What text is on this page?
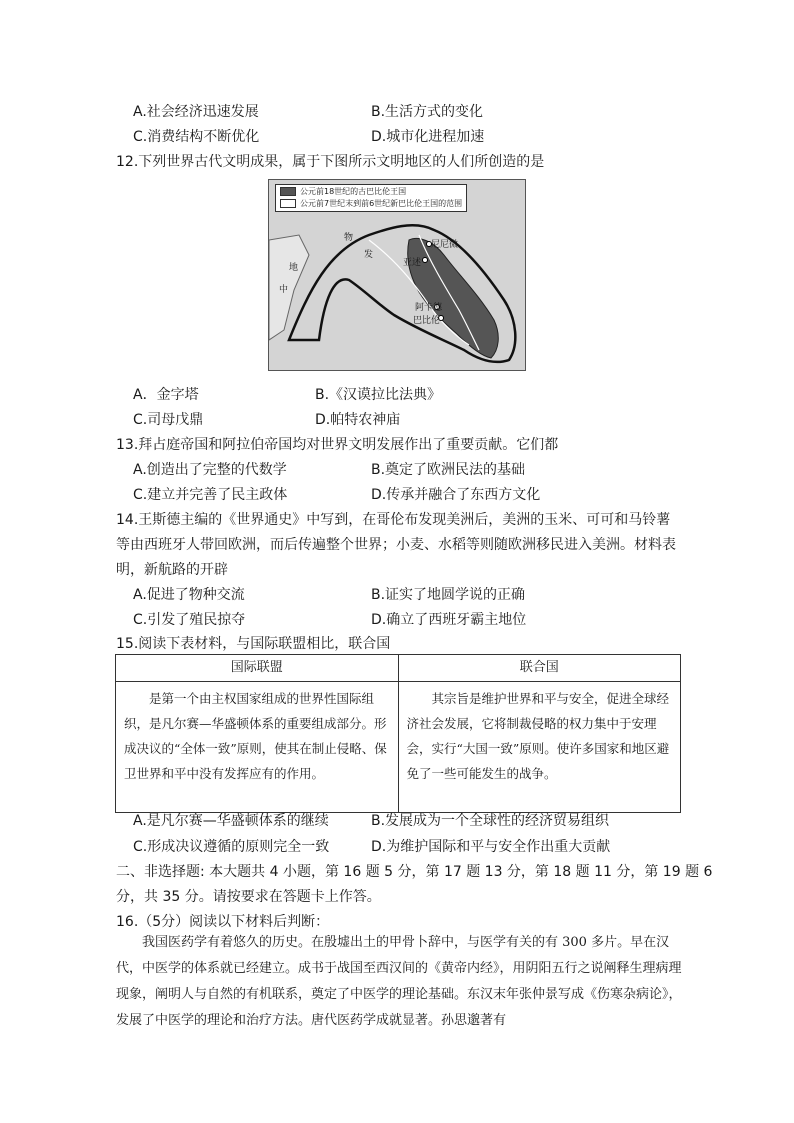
A.社会经济迅速发展	B.生活方式的变化
C.消费结构不断优化	D.城市化进程加速
12.下列世界古代文明成果，属于下图所示文明地区的人们所创造的是
公元前18世纪的古巴比伦王国
公元前7世纪末到前6世纪新巴比伦王国的范围
尼尼微
亚述
阿卡德
巴比伦
物
发
地
中
A．金字塔	B.《汉谟拉比法典》
C.司母戊鼎	D.帕特农神庙
13.拜占庭帝国和阿拉伯帝国均对世界文明发展作出了重要贡献。它们都
A.创造出了完整的代数学	B.奠定了欧洲民法的基础
C.建立并完善了民主政体	D.传承并融合了东西方文化
14.王斯德主编的《世界通史》中写到，在哥伦布发现美洲后，美洲的玉米、可可和马铃薯
等由西班牙人带回欧洲，而后传遍整个世界；小麦、水稻等则随欧洲移民进入美洲。材料表
明，新航路的开辟
A.促进了物种交流	B.证实了地圆学说的正确
C.引发了殖民掠夺	D.确立了西班牙霸主地位
15.阅读下表材料，与国际联盟相比，联合国
国际联盟	联合国
是第一个由主权国家组成的世界性国际组织，是凡尔赛—华盛顿体系的重要组成部分。形成决议的“全体一致”原则，使其在制止侵略、保卫世界和平中没有发挥应有的作用。	其宗旨是维护世界和平与安全，促进全球经济社会发展，它将制裁侵略的权力集中于安理会，实行“大国一致”原则。使许多国家和地区避免了一些可能发生的战争。
A.是凡尔赛—华盛顿体系的继续	B.发展成为一个全球性的经济贸易组织
C.形成决议遵循的原则完全一致	D.为维护国际和平与安全作出重大贡献
二、非选择题: 本大题共 4 小题，第 16 题 5 分，第 17 题 13 分，第 18 题 11 分，第 19 题 6
分，共 35 分。请按要求在答题卡上作答。
16.（5分）阅读以下材料后判断：
我国医药学有着悠久的历史。在殷墟出土的甲骨卜辞中，与医学有关的有 300 多片。早在汉代，中医学的体系就已经建立。成书于战国至西汉间的《黄帝内经》，用阴阳五行之说阐释生理病理现象，阐明人与自然的有机联系，奠定了中医学的理论基础。东汉末年张仲景写成《伤寒杂病论》，发展了中医学的理论和治疗方法。唐代医药学成就显著。孙思邈著有
